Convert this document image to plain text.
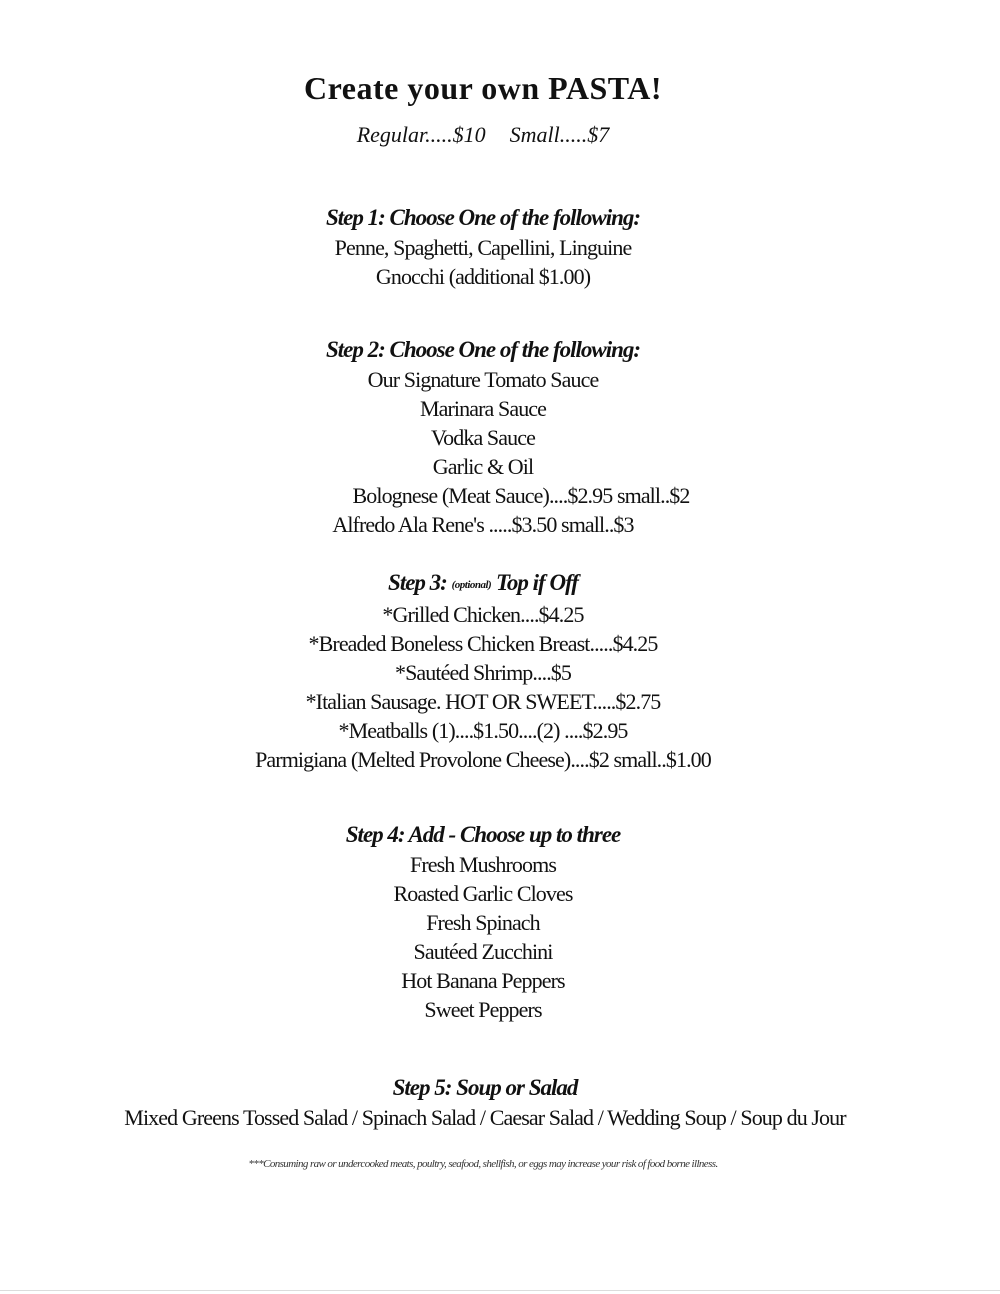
Create your own PASTA!
Regular.....$10 Small.....$7
Step 1: Choose One of the following:
Penne, Spaghetti, Capellini, Linguine
Gnocchi (additional $1.00)
Step 2: Choose One of the following:
Our Signature Tomato Sauce
Marinara Sauce
Vodka Sauce
Garlic & Oil
Bolognese (Meat Sauce)....$2.95 small..$2
Alfredo Ala Rene's .....$3.50 small..$3
Step 3: (optional) Top if Off
*Grilled Chicken....$4.25
*Breaded Boneless Chicken Breast.....$4.25
*Sautéed Shrimp....$5
*Italian Sausage. HOT OR SWEET.....$2.75
*Meatballs (1)....$1.50....(2) ....$2.95
Parmigiana (Melted Provolone Cheese)....$2 small..$1.00
Step 4: Add - Choose up to three
Fresh Mushrooms
Roasted Garlic Cloves
Fresh Spinach
Sautéed Zucchini
Hot Banana Peppers
Sweet Peppers
Step 5: Soup or Salad
Mixed Greens Tossed Salad / Spinach Salad / Caesar Salad / Wedding Soup / Soup du Jour
***Consuming raw or undercooked meats, poultry, seafood, shellfish, or eggs may increase your risk of food borne illness.
